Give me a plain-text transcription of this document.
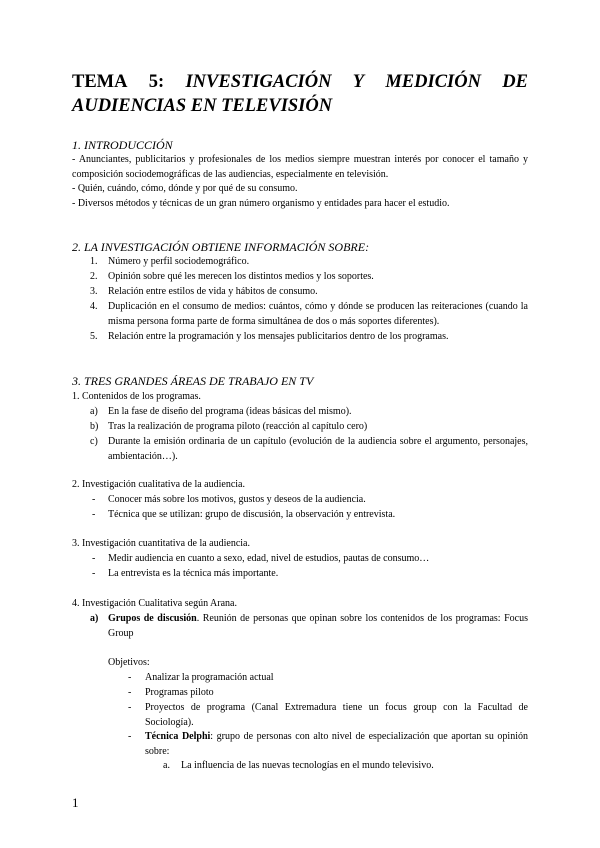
TEMA 5: INVESTIGACIÓN Y MEDICIÓN DE
AUDIENCIAS EN TELEVISIÓN
1. INTRODUCCIÓN
- Anunciantes, publicitarios y profesionales de los medios siempre muestran interés por conocer el tamaño y composición sociodemográficas de las audiencias, especialmente en televisión.
- Quién, cuándo, cómo, dónde y por qué de su consumo.
- Diversos métodos y técnicas de un gran número organismo y entidades para hacer el estudio.
2. LA INVESTIGACIÓN OBTIENE INFORMACIÓN SOBRE:
1. Número y perfil sociodemográfico.
2. Opinión sobre qué les merecen los distintos medios y los soportes.
3. Relación entre estilos de vida y hábitos de consumo.
4. Duplicación en el consumo de medios: cuántos, cómo y dónde se producen las reiteraciones (cuando la misma persona forma parte de forma simultánea de dos o más soportes diferentes).
5. Relación entre la programación y los mensajes publicitarios dentro de los programas.
3. TRES GRANDES ÁREAS DE TRABAJO EN TV
1. Contenidos de los programas.
a) En la fase de diseño del programa (ideas básicas del mismo).
b) Tras la realización de programa piloto (reacción al capítulo cero)
c) Durante la emisión ordinaria de un capítulo (evolución de la audiencia sobre el argumento, personajes, ambientación…).
2. Investigación cualitativa de la audiencia.
- Conocer más sobre los motivos, gustos y deseos de la audiencia.
- Técnica que se utilizan: grupo de discusión, la observación y entrevista.
3. Investigación cuantitativa de la audiencia.
- Medir audiencia en cuanto a sexo, edad, nivel de estudios, pautas de consumo…
- La entrevista es la técnica más importante.
4. Investigación Cualitativa según Arana.
a) Grupos de discusión. Reunión de personas que opinan sobre los contenidos de los programas: Focus Group
Objetivos:
- Analizar la programación actual
- Programas piloto
- Proyectos de programa (Canal Extremadura tiene un focus group con la Facultad de Sociología).
- Técnica Delphi: grupo de personas con alto nivel de especialización que aportan su opinión sobre:
a. La influencia de las nuevas tecnologías en el mundo televisivo.
1
